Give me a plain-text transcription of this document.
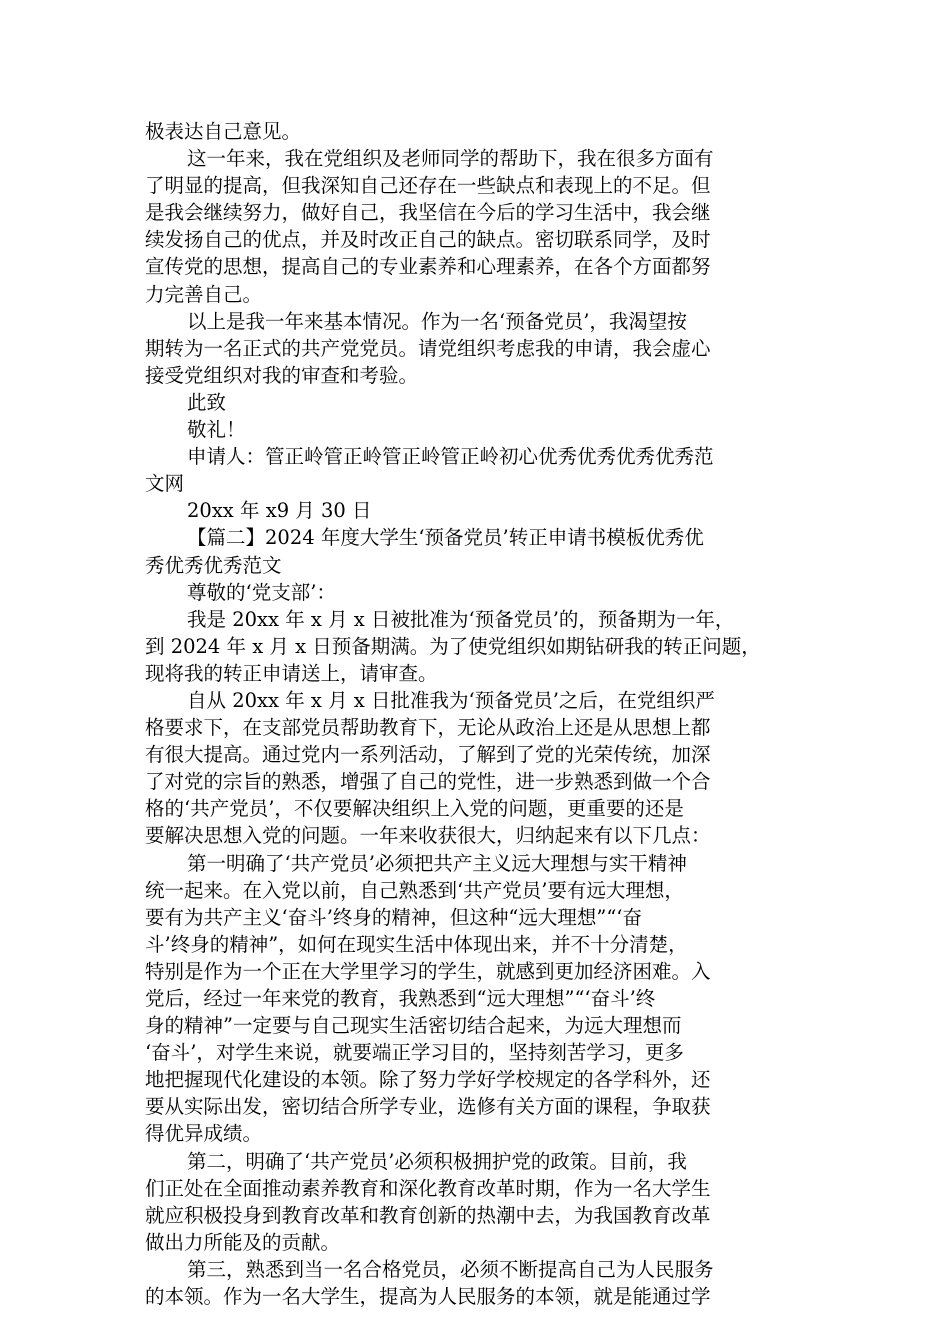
极表达自己意见。
这一年来，我在党组织及老师同学的帮助下，我在很多方面有
了明显的提高，但我深知自己还存在一些缺点和表现上的不足。但
是我会继续努力，做好自己，我坚信在今后的学习生活中，我会继
续发扬自己的优点，并及时改正自己的缺点。密切联系同学，及时
宣传党的思想，提高自己的专业素养和心理素养，在各个方面都努
力完善自己。
以上是我一年来基本情况。作为一名‘预备党员’，我渴望按
期转为一名正式的共产党党员。请党组织考虑我的申请，我会虚心
接受党组织对我的审查和考验。
此致
敬礼！
申请人：管正岭管正岭管正岭管正岭初心优秀优秀优秀优秀范
文网
20xx 年 x9 月 30 日
【篇二】2024 年度大学生‘预备党员’转正申请书模板优秀优
秀优秀优秀范文
尊敬的‘党支部’：
我是 20xx 年 x 月 x 日被批准为‘预备党员’的，预备期为一年，
到 2024 年 x 月 x 日预备期满。为了使党组织如期钻研我的转正问题，
现将我的转正申请送上，请审查。
自从 20xx 年 x 月 x 日批准我为‘预备党员’之后，在党组织严
格要求下，在支部党员帮助教育下，无论从政治上还是从思想上都
有很大提高。通过党内一系列活动，了解到了党的光荣传统，加深
了对党的宗旨的熟悉，增强了自己的党性，进一步熟悉到做一个合
格的‘共产党员’，不仅要解决组织上入党的问题，更重要的还是
要解决思想入党的问题。一年来收获很大，归纳起来有以下几点：
第一明确了‘共产党员’必须把共产主义远大理想与实干精神
统一起来。在入党以前，自己熟悉到‘共产党员’要有远大理想，
要有为共产主义‘奋斗’终身的精神，但这种“远大理想”“‘奋
斗’终身的精神”，如何在现实生活中体现出来，并不十分清楚，
特别是作为一个正在大学里学习的学生，就感到更加经济困难。入
党后，经过一年来党的教育，我熟悉到“远大理想”“‘奋斗’终
身的精神”一定要与自己现实生活密切结合起来，为远大理想而
‘奋斗’，对学生来说，就要端正学习目的，坚持刻苦学习，更多
地把握现代化建设的本领。除了努力学好学校规定的各学科外，还
要从实际出发，密切结合所学专业，选修有关方面的课程，争取获
得优异成绩。
第二，明确了‘共产党员’必须积极拥护党的政策。目前，我
们正处在全面推动素养教育和深化教育改革时期，作为一名大学生
就应积极投身到教育改革和教育创新的热潮中去，为我国教育改革
做出力所能及的贡献。
第三，熟悉到当一名合格党员，必须不断提高自己为人民服务
的本领。作为一名大学生，提高为人民服务的本领，就是能通过学
